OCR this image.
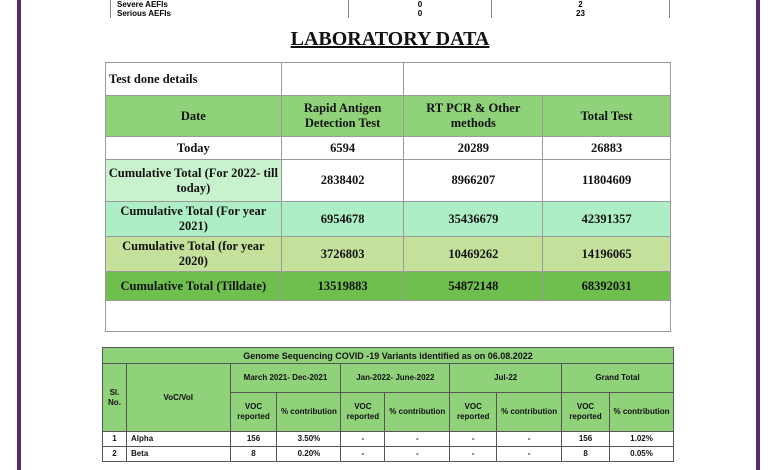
Severe AEFIs	0	2
Serious AEFIs	0	23
LABORATORY DATA
Test done details			
Date	Rapid Antigen Detection Test	RT PCR & Other methods	Total Test
Today	6594	20289	26883
Cumulative Total (For 2022- till today)	2838402	8966207	11804609
Cumulative Total (For year 2021)	6954678	35436679	42391357
Cumulative Total (for year 2020)	3726803	10469262	14196065
Cumulative Total (Tilldate)	13519883	54872148	68392031

Genome Sequencing COVID -19 Variants identified as on 06.08.2022									
Sl. No.	VoC/VoI	March 2021- Dec-2021		Jan-2022- June-2022		Jul-22		Grand Total	
		VOC reported	% contribution	VOC reported	% contribution	VOC reported	% contribution	VOC reported	% contribution
1	Alpha	156	3.50%	-	-	-	-	156	1.02%
2	Beta	8	0.20%	-	-	-	-	8	0.05%
